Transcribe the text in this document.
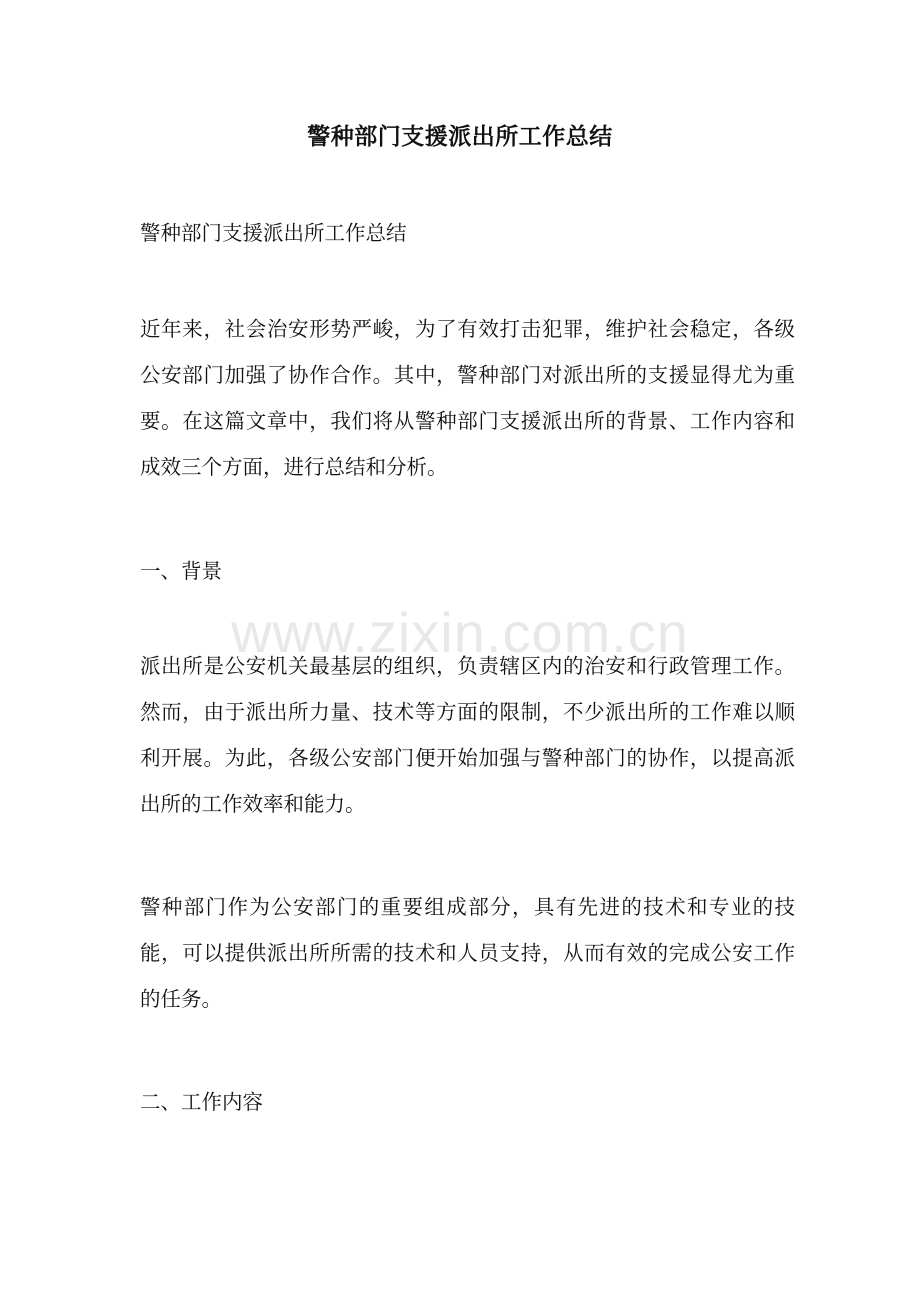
警种部门支援派出所工作总结

警种部门支援派出所工作总结

近年来，社会治安形势严峻，为了有效打击犯罪，维护社会稳定，各级公安部门加强了协作合作。其中，警种部门对派出所的支援显得尤为重要。在这篇文章中，我们将从警种部门支援派出所的背景、工作内容和成效三个方面，进行总结和分析。

一、背景

派出所是公安机关最基层的组织，负责辖区内的治安和行政管理工作。然而，由于派出所力量、技术等方面的限制，不少派出所的工作难以顺利开展。为此，各级公安部门便开始加强与警种部门的协作，以提高派出所的工作效率和能力。

警种部门作为公安部门的重要组成部分，具有先进的技术和专业的技能，可以提供派出所所需的技术和人员支持，从而有效的完成公安工作的任务。

二、工作内容

www.zixin.com.cn
